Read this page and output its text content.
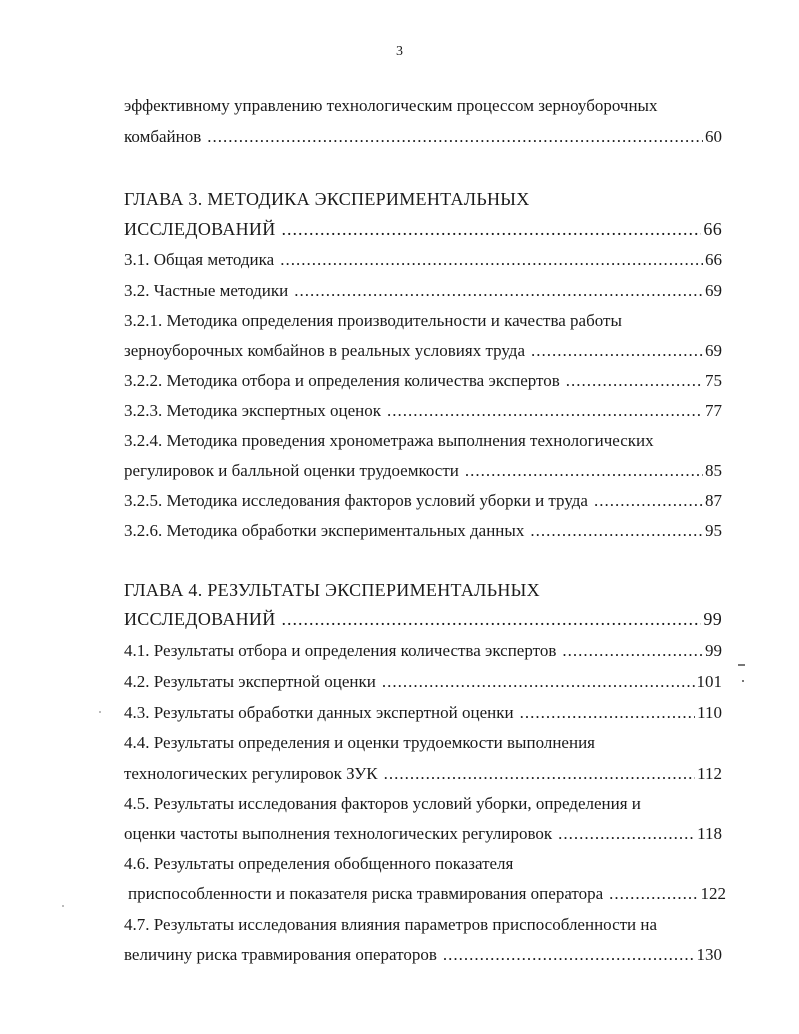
3
эффективному управлению технологическим процессом зерноуборочных
комбайнов .....	60
ГЛАВА 3. МЕТОДИКА ЭКСПЕРИМЕНТАЛЬНЫХ
ИССЛЕДОВАНИЙ .....	66
3.1. Общая методика .....	66
3.2. Частные методики .....	69
3.2.1. Методика определения производительности и качества работы
зерноуборочных комбайнов в реальных условиях труда .....	69
3.2.2. Методика отбора и определения количества экспертов .....	75
3.2.3. Методика экспертных оценок .....	77
3.2.4. Методика проведения хронометража выполнения технологических
регулировок и балльной оценки трудоемкости .....	85
3.2.5. Методика исследования факторов условий уборки и труда .....	87
3.2.6. Методика обработки экспериментальных данных .....	95
ГЛАВА 4. РЕЗУЛЬТАТЫ ЭКСПЕРИМЕНТАЛЬНЫХ
ИССЛЕДОВАНИЙ .....	99
4.1. Результаты отбора и определения количества экспертов .....	99
4.2. Результаты экспертной оценки .....	101
4.3. Результаты обработки данных экспертной оценки .....	110
4.4. Результаты определения и оценки трудоемкости выполнения
технологических регулировок ЗУК .....	112
4.5. Результаты исследования факторов условий уборки, определения и
оценки частоты выполнения технологических регулировок .....	118
4.6. Результаты определения обобщенного показателя
приспособленности и показателя риска травмирования оператора .....	122
4.7. Результаты исследования влияния параметров приспособленности на
величину риска травмирования операторов .....	130
